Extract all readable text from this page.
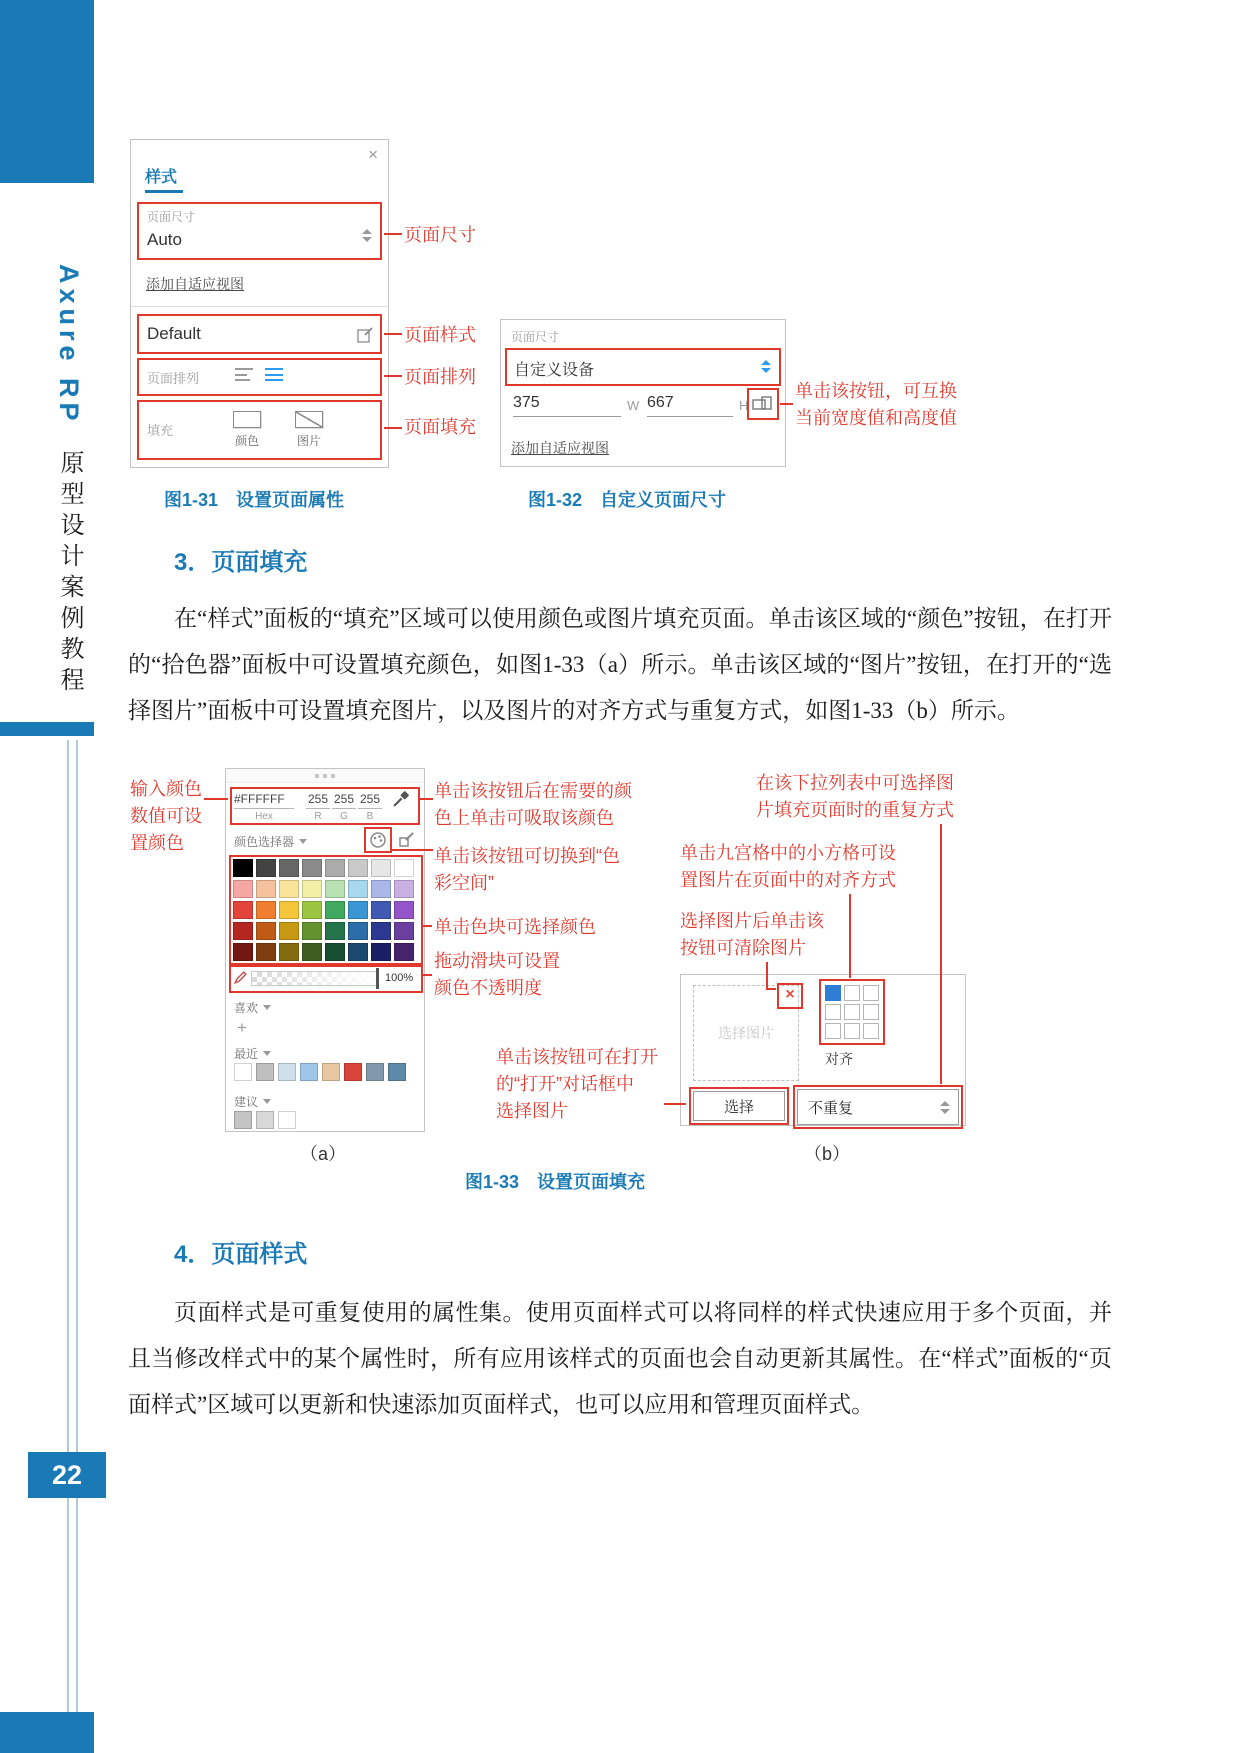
Axure RP 原型设计案例教程
22
×
样式
页面尺寸
Auto
添加自适应视图
Default
页面排列
填充
颜色	图片
页面尺寸
页面样式
页面排列
页面填充
页面尺寸
自定义设备
375	W 667	H
添加自适应视图
单击该按钮，可互换
当前宽度值和高度值
图1-31　设置页面属性	图1-32　自定义页面尺寸
3．页面填充
在“样式”面板的“填充”区域可以使用颜色或图片填充页面。单击该区域的“颜色”按钮，在打开的“拾色器”面板中可设置填充颜色，如图1-33（a）所示。单击该区域的“图片”按钮，在打开的“选择图片”面板中可设置填充图片，以及图片的对齐方式与重复方式，如图1-33（b）所示。
#FFFFFF	255 255 255
Hex	R	G	B
颜色选择器
100%
喜欢
+
最近
建议
选择图片
×
对齐
选择	不重复
输入颜色
数值可设
置颜色
单击该按钮后在需要的颜
色上单击可吸取该颜色
单击该按钮可切换到“色
彩空间”
单击色块可选择颜色
拖动滑块可设置
颜色不透明度
在该下拉列表中可选择图
片填充页面时的重复方式
单击九宫格中的小方格可设
置图片在页面中的对齐方式
选择图片后单击该
按钮可清除图片
单击该按钮可在打开
的“打开”对话框中
选择图片
（a）	（b）
图1-33　设置页面填充
4．页面样式
页面样式是可重复使用的属性集。使用页面样式可以将同样的样式快速应用于多个页面，并且当修改样式中的某个属性时，所有应用该样式的页面也会自动更新其属性。在“样式”面板的“页面样式”区域可以更新和快速添加页面样式，也可以应用和管理页面样式。
